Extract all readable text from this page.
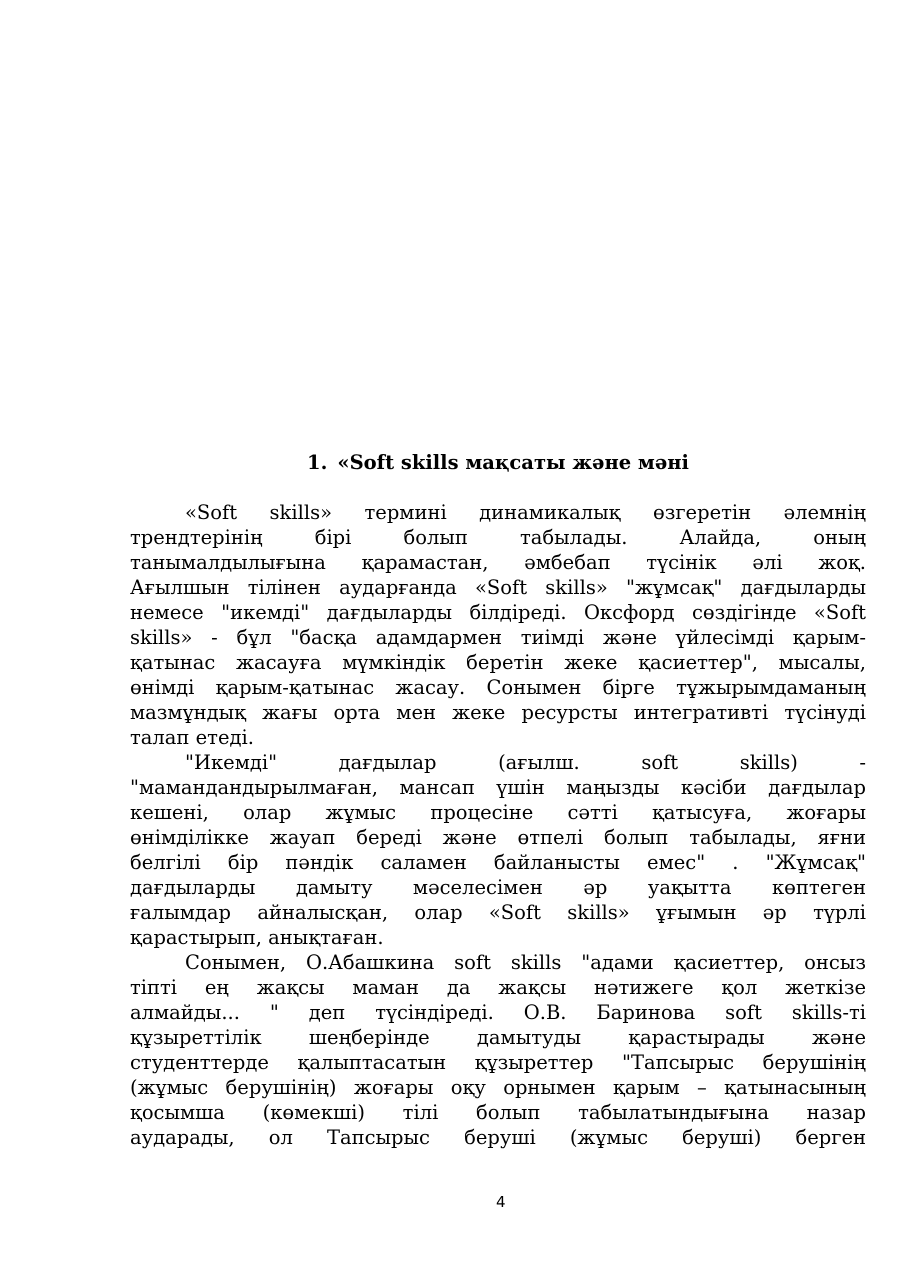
1. «Soft skills мақсаты және мәні
«Soft skills» термині динамикалық өзгеретін әлемнің
трендтерінің бірі болып табылады. Алайда, оның
танымалдылығына қарамастан, әмбебап түсінік әлі жоқ.
Ағылшын тілінен аударғанда «Soft skills» "жұмсақ" дағдыларды
немесе "икемді" дағдыларды білдіреді. Оксфорд сөздігінде «Soft
skills» - бұл "басқа адамдармен тиімді және үйлесімді қарым-
қатынас жасауға мүмкіндік беретін жеке қасиеттер", мысалы,
өнімді қарым-қатынас жасау. Сонымен бірге тұжырымдаманың
мазмұндық жағы орта мен жеке ресурсты интегративті түсінуді
талап етеді.
"Икемді" дағдылар (ағылш. soft skills) -
"мамандандырылмаған, мансап үшін маңызды кәсіби дағдылар
кешені, олар жұмыс процесіне сәтті қатысуға, жоғары
өнімділікке жауап береді және өтпелі болып табылады, яғни
белгілі бір пәндік саламен байланысты емес" . "Жұмсақ"
дағдыларды дамыту мәселесімен әр уақытта көптеген
ғалымдар айналысқан, олар «Soft skills» ұғымын әр түрлі
қарастырып, анықтаған.
Сонымен, О.Абашкина soft skills "адами қасиеттер, онсыз
тіпті ең жақсы маман да жақсы нәтижеге қол жеткізе
алмайды... " деп түсіндіреді. О.В. Баринова soft skills-ті
құзыреттілік шеңберінде дамытуды қарастырады және
студенттерде қалыптасатын құзыреттер "Тапсырыс берушінің
(жұмыс берушінің) жоғары оқу орнымен қарым – қатынасының
қосымша (көмекші) тілі болып табылатындығына назар
аударады, ол Тапсырыс беруші (жұмыс беруші) берген
4
